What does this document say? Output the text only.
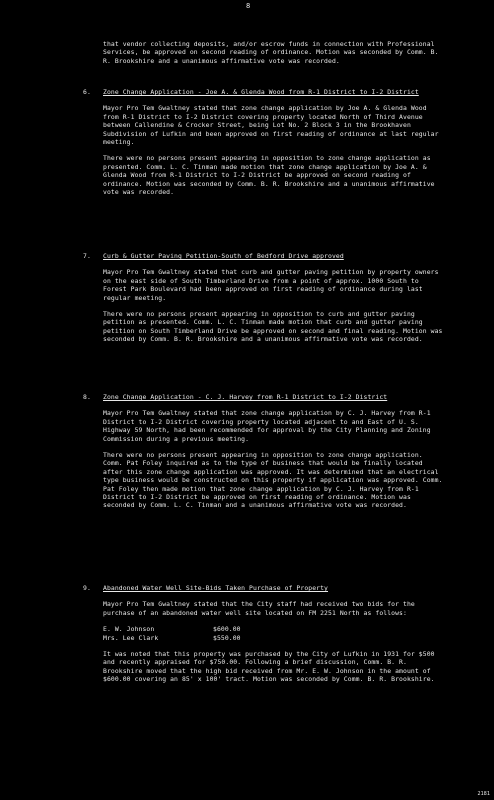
8

that vendor collecting deposits, and/or escrow funds in connection with Professional Services, be approved on second reading of ordinance. Motion was seconded by Comm. B. R. Brookshire and a unanimous affirmative vote was recorded.

6. Zone Change Application - Joe A. & Glenda Wood from R-1 District to I-2 District

Mayor Pro Tem Gwaltney stated that zone change application by Joe A. & Glenda Wood from R-1 District to I-2 District covering property located North of Third Avenue between Callendine & Crocker Street, being Lot No. 2 Block 3 in the Brookhaven Subdivision of Lufkin and been approved on first reading of ordinance at last regular meeting.

There were no persons present appearing in opposition to zone change application as presented. Comm. L. C. Tinman made motion that zone change application by Joe A. & Glenda Wood from R-1 District to I-2 District be approved on second reading of ordinance. Motion was seconded by Comm. B. R. Brookshire and a unanimous affirmative vote was recorded.

7. Curb & Gutter Paving Petition-South of Bedford Drive approved

Mayor Pro Tem Gwaltney stated that curb and gutter paving petition by property owners on the east side of South Timberland Drive from a point of approx. 1000 South to Forest Park Boulevard had been approved on first reading of ordinance during last regular meeting.

There were no persons present appearing in opposition to curb and gutter paving petition as presented. Comm. L. C. Tinman made motion that curb and gutter paving petition on South Timberland Drive be approved on second and final reading. Motion was seconded by Comm. B. R. Brookshire and a unanimous affirmative vote was recorded.

8. Zone Change Application - C. J. Harvey from R-1 District to I-2 District

Mayor Pro Tem Gwaltney stated that zone change application by C. J. Harvey from R-1 District to I-2 District covering property located adjacent to and East of U. S. Highway 59 North, had been recommended for approval by the City Planning and Zoning Commission during a previous meeting.

There were no persons present appearing in opposition to zone change application. Comm. Pat Foley inquired as to the type of business that would be finally located after this zone change application was approved. It was determined that an electrical type business would be constructed on this property if application was approved. Comm. Pat Foley then made motion that zone change application by C. J. Harvey from R-1 District to I-2 District be approved on first reading of ordinance. Motion was seconded by Comm. L. C. Tinman and a unanimous affirmative vote was recorded.

9. Abandoned Water Well Site-Bids Taken Purchase of Property

Mayor Pro Tem Gwaltney stated that the City staff had received two bids for the purchase of an abandoned water well site located on FM 2251 North as follows:

E. W. Johnson	$600.00
Mrs. Lee Clark	$550.00

It was noted that this property was purchased by the City of Lufkin in 1931 for $500 and recently appraised for $750.00. Following a brief discussion, Comm. B. R. Brookshire moved that the high bid received from Mr. E. W. Johnson in the amount of $600.00 covering an 85' x 100' tract. Motion was seconded by Comm. B. R. Brookshire.

2181
